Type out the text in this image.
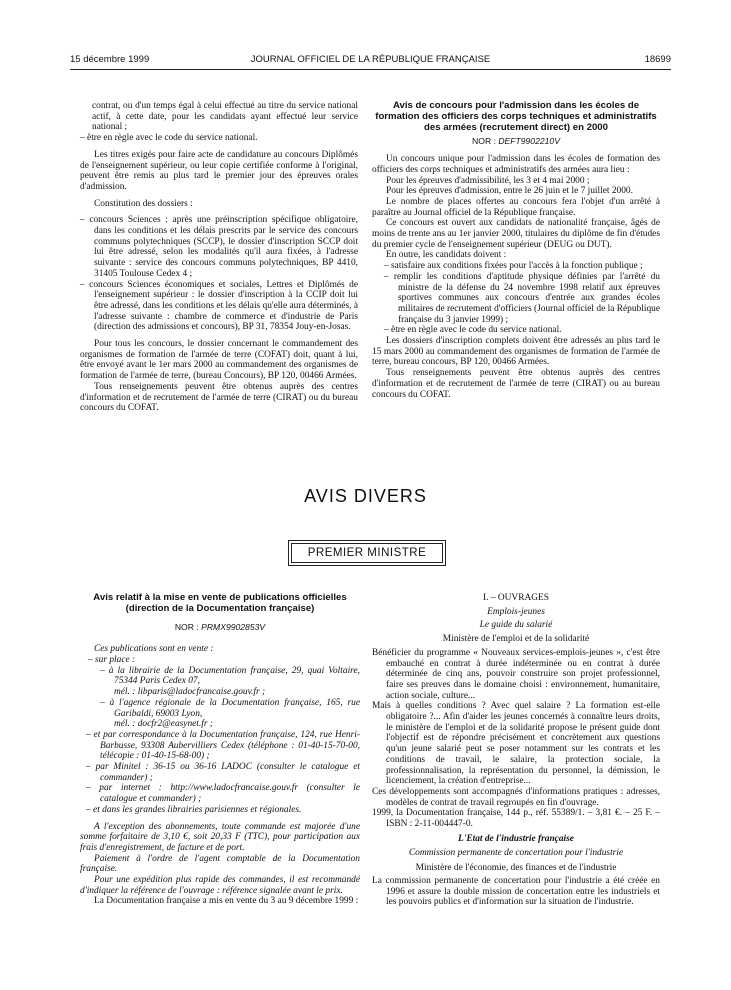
15 décembre 1999	JOURNAL OFFICIEL DE LA RÉPUBLIQUE FRANÇAISE	18699

contrat, ou d'un temps égal à celui effectué au titre du service national actif, à cette date, pour les candidats ayant effectué leur service national ;

– être en règle avec le code du service national.

Les titres exigés pour faire acte de candidature au concours Diplômés de l'enseignement supérieur, ou leur copie certifiée conforme à l'original, peuvent être remis au plus tard le premier jour des épreuves orales d'admission.

Constitution des dossiers :

– concours Sciences : après une préinscription spécifique obligatoire, dans les conditions et les délais prescrits par le service des concours communs polytechniques (SCCP), le dossier d'inscription SCCP doit lui être adressé, selon les modalités qu'il aura fixées, à l'adresse suivante : service des concours communs polytechniques, BP 4410, 31405 Toulouse Cedex 4 ;

– concours Sciences économiques et sociales, Lettres et Diplômés de l'enseignement supérieur : le dossier d'inscription à la CCIP doit lui être adressé, dans les conditions et les délais qu'elle aura déterminés, à l'adresse suivante : chambre de commerce et d'industrie de Paris (direction des admissions et concours), BP 31, 78354 Jouy-en-Josas.

Pour tous les concours, le dossier concernant le commandement des organismes de formation de l'armée de terre (COFAT) doit, quant à lui, être envoyé avant le 1er mars 2000 au commandement des organismes de formation de l'armée de terre, (bureau Concours), BP 120, 00466 Armées.

Tous renseignements peuvent être obtenus auprès des centres d'information et de recrutement de l'armée de terre (CIRAT) ou du bureau concours du COFAT.

Avis de concours pour l'admission dans les écoles de formation des officiers des corps techniques et administratifs des armées (recrutement direct) en 2000

NOR : DEFT9902210V

Un concours unique pour l'admission dans les écoles de formation des officiers des corps techniques et administratifs des armées aura lieu :

Pour les épreuves d'admissibilité, les 3 et 4 mai 2000 ;

Pour les épreuves d'admission, entre le 26 juin et le 7 juillet 2000.

Le nombre de places offertes au concours fera l'objet d'un arrêté à paraître au Journal officiel de la République française.

Ce concours est ouvert aux candidats de nationalité française, âgés de moins de trente ans au 1er janvier 2000, titulaires du diplôme de fin d'études du premier cycle de l'enseignement supérieur (DEUG ou DUT).

En outre, les candidats doivent :

– satisfaire aux conditions fixées pour l'accès à la fonction publique ;

– remplir les conditions d'aptitude physique définies par l'arrêté du ministre de la défense du 24 novembre 1998 relatif aux épreuves sportives communes aux concours d'entrée aux grandes écoles militaires de recrutement d'officiers (Journal officiel de la République française du 3 janvier 1999) ;

– être en règle avec le code du service national.

Les dossiers d'inscription complets doivent être adressés au plus tard le 15 mars 2000 au commandement des organismes de formation de l'armée de terre, bureau concours, BP 120, 00466 Armées.

Tous renseignements peuvent être obtenus auprès des centres d'information et de recrutement de l'armée de terre (CIRAT) ou au bureau concours du COFAT.

AVIS DIVERS
PREMIER MINISTRE

Avis relatif à la mise en vente de publications officielles (direction de la Documentation française)

NOR : PRMX9902853V

Ces publications sont en vente :

– sur place :

– à la librairie de la Documentation française, 29, quai Voltaire, 75344 Paris Cedex 07,

mél. : libparis@ladocfrancaise.gouv.fr ;

– à l'agence régionale de la Documentation française, 165, rue Garibaldi, 69003 Lyon,

mél. : docfr2@easynet.fr ;

– et par correspondance à la Documentation française, 124, rue Henri-Barbusse, 93308 Aubervilliers Cedex (téléphone : 01-40-15-70-00, télécopie : 01-40-15-68-00) ;

– par Minitel : 36-15 ou 36-16 LADOC (consulter le catalogue et commander) ;

– par internet : http://www.ladocfrancaise.gouv.fr (consulter le catalogue et commander) ;

– et dans les grandes librairies parisiennes et régionales.

A l'exception des abonnements, toute commande est majorée d'une somme forfaitaire de 3,10 €, soit 20,33 F (TTC), pour participation aux frais d'enregistrement, de facture et de port.

Paiement à l'ordre de l'agent comptable de la Documentation française.

Pour une expédition plus rapide des commandes, il est recommandé d'indiquer la référence de l'ouvrage : référence signalée avant le prix.

La Documentation française a mis en vente du 3 au 9 décembre 1999 :

I. – OUVRAGES

Emplois-jeunes

Le guide du salarié

Ministère de l'emploi et de la solidarité

Bénéficier du programme « Nouveaux services-emplois-jeunes », c'est être embauché en contrat à durée indéterminée ou en contrat à durée déterminée de cinq ans, pouvoir construire son projet professionnel, faire ses preuves dans le domaine choisi : environnement, humanitaire, action sociale, culture...

Mais à quelles conditions ? Avec quel salaire ? La formation est-elle obligatoire ?... Afin d'aider les jeunes concernés à connaître leurs droits, le ministère de l'emploi et de la solidarité propose le présent guide dont l'objectif est de répondre précisément et concrètement aux questions qu'un jeune salarié peut se poser notamment sur les contrats et les conditions de travail, le salaire, la protection sociale, la professionnalisation, la représentation du personnel, la démission, le licenciement, la création d'entreprise...

Ces développements sont accompagnés d'informations pratiques : adresses, modèles de contrat de travail regroupés en fin d'ouvrage.

1999, la Documentation française, 144 p., réf. 55389/1. – 3,81 €. – 25 F. – ISBN : 2-11-004447-0.

L'Etat de l'industrie française

Commission permanente de concertation pour l'industrie

Ministère de l'économie, des finances et de l'industrie

La commission permanente de concertation pour l'industrie a été créée en 1996 et assure la double mission de concertation entre les industriels et les pouvoirs publics et d'information sur la situation de l'industrie.
